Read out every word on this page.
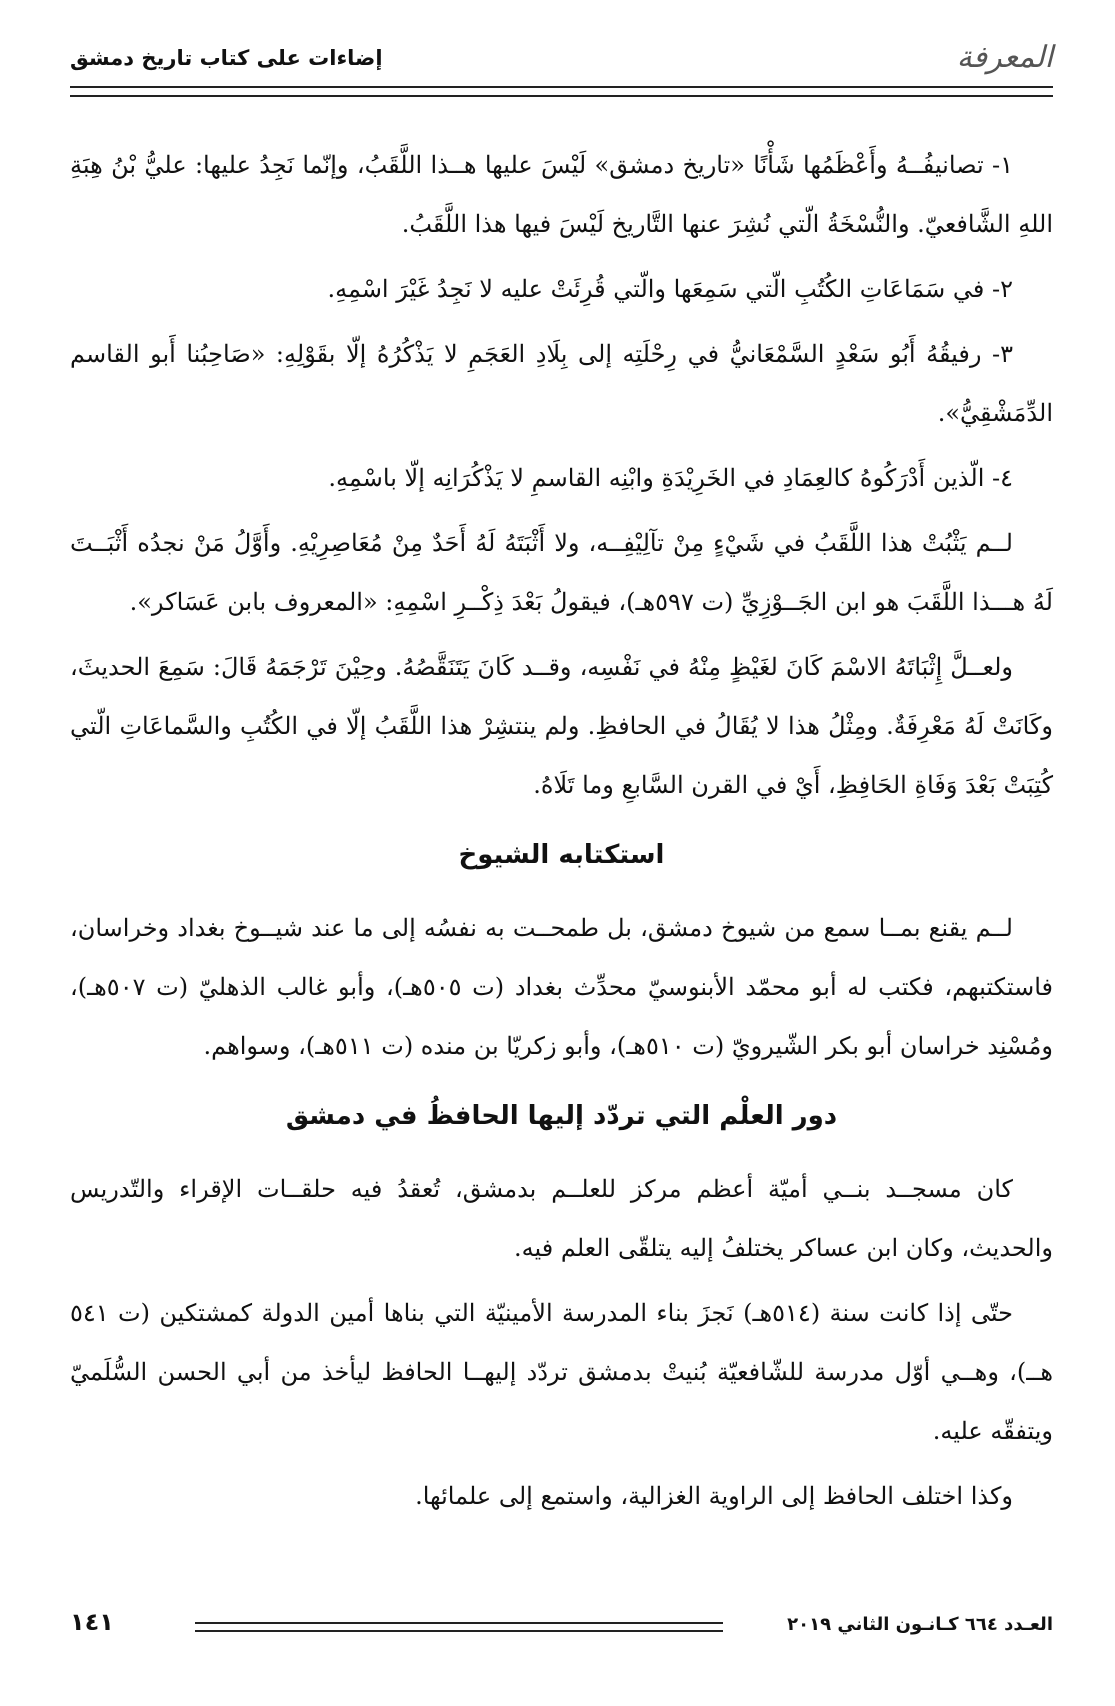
المعرفة
إضاءات على كتاب تاريخ دمشق

١- تصانيفُــهُ وأَعْظَمُها شَأْنًا «تاريخ دمشق» لَيْسَ عليها هــذا اللَّقَبُ، وإنّما نَجِدُ عليها: عليُّ بْنُ هِبَةِ اللهِ الشَّافعيّ. والنُّسْخَةُ الّتي نُشِرَ عنها التَّاريخ لَيْسَ فيها هذا اللَّقَبُ.

٢- في سَمَاعَاتِ الكُتُبِ الّتي سَمِعَها والّتي قُرِئَتْ عليه لا نَجِدُ غَيْرَ اسْمِهِ.

٣- رفيقُهُ أَبُو سَعْدٍ السَّمْعَانيُّ في رِحْلَتِه إلى بِلَادِ العَجَمِ لا يَذْكُرُهُ إلّا بقَوْلِهِ: «صَاحِبُنا أَبو القاسم الدِّمَشْقِيُّ».

٤- الّذين أَدْرَكُوهُ كالعِمَادِ في الخَرِيْدَةِ وابْنِه القاسمِ لا يَذْكُرَانِه إلّا باسْمِهِ.

لــم يَثْبُتْ هذا اللَّقَبُ في شَيْءٍ مِنْ تآلِيْفِــه، ولا أَثْبَتَهُ لَهُ أَحَدٌ مِنْ مُعَاصِرِيْهِ. وأَوَّلُ مَنْ نجدُه أَثْبَــتَ لَهُ هـــذا اللَّقَبَ هو ابن الجَــوْزِيِّ (ت ٥٩٧هـ)، فيقولُ بَعْدَ ذِكْــرِ اسْمِهِ: «المعروف بابن عَسَاكر».

ولعــلَّ إِثْبَاتَهُ الاسْمَ كَانَ لغَيْظٍ مِنْهُ في نَفْسِه، وقــد كَانَ يَتَنَقَّصُهُ. وحِيْنَ تَرْجَمَهُ قَالَ: سَمِعَ الحديثَ، وكَانَتْ لَهُ مَعْرِفَةٌ. ومِثْلُ هذا لا يُقَالُ في الحافظِ. ولم ينتشِرْ هذا اللَّقَبُ إلّا في الكُتُبِ والسَّماعَاتِ الّتي كُتِبَتْ بَعْدَ وَفَاةِ الحَافِظِ، أَيْ في القرن السَّابعِ وما تَلَاهُ.

استكتابه الشيوخ

لــم يقنع بمــا سمع من شيوخ دمشق، بل طمحــت به نفسُه إلى ما عند شيــوخ بغداد وخراسان، فاستكتبهم، فكتب له أبو محمّد الأبنوسيّ محدِّث بغداد (ت ٥٠٥هـ)، وأبو غالب الذهليّ (ت ٥٠٧هـ)، ومُسْنِد خراسان أبو بكر الشّيرويّ (ت ٥١٠هـ)، وأبو زكريّا بن منده (ت ٥١١هـ)، وسواهم.

دور العلْم التي تردّد إليها الحافظُ في دمشق

كان مسجــد بنــي أميّة أعظم مركز للعلــم بدمشق، تُعقدُ فيه حلقــات الإقراء والتّدريس والحديث، وكان ابن عساكر يختلفُ إليه يتلقّى العلم فيه.

حتّى إذا كانت سنة (٥١٤هـ) نَجزَ بناء المدرسة الأمينيّة التي بناها أمين الدولة كمشتكين (ت ٥٤١ هــ)، وهــي أوّل مدرسة للشّافعيّة بُنيتْ بدمشق تردّد إليهــا الحافظ ليأخذ من أبي الحسن السُّلَميّ ويتفقّه عليه.

وكذا اختلف الحافظ إلى الراوية الغزالية، واستمع إلى علمائها.

العـدد ٦٦٤ كـانـون الثاني ٢٠١٩
١٤١
